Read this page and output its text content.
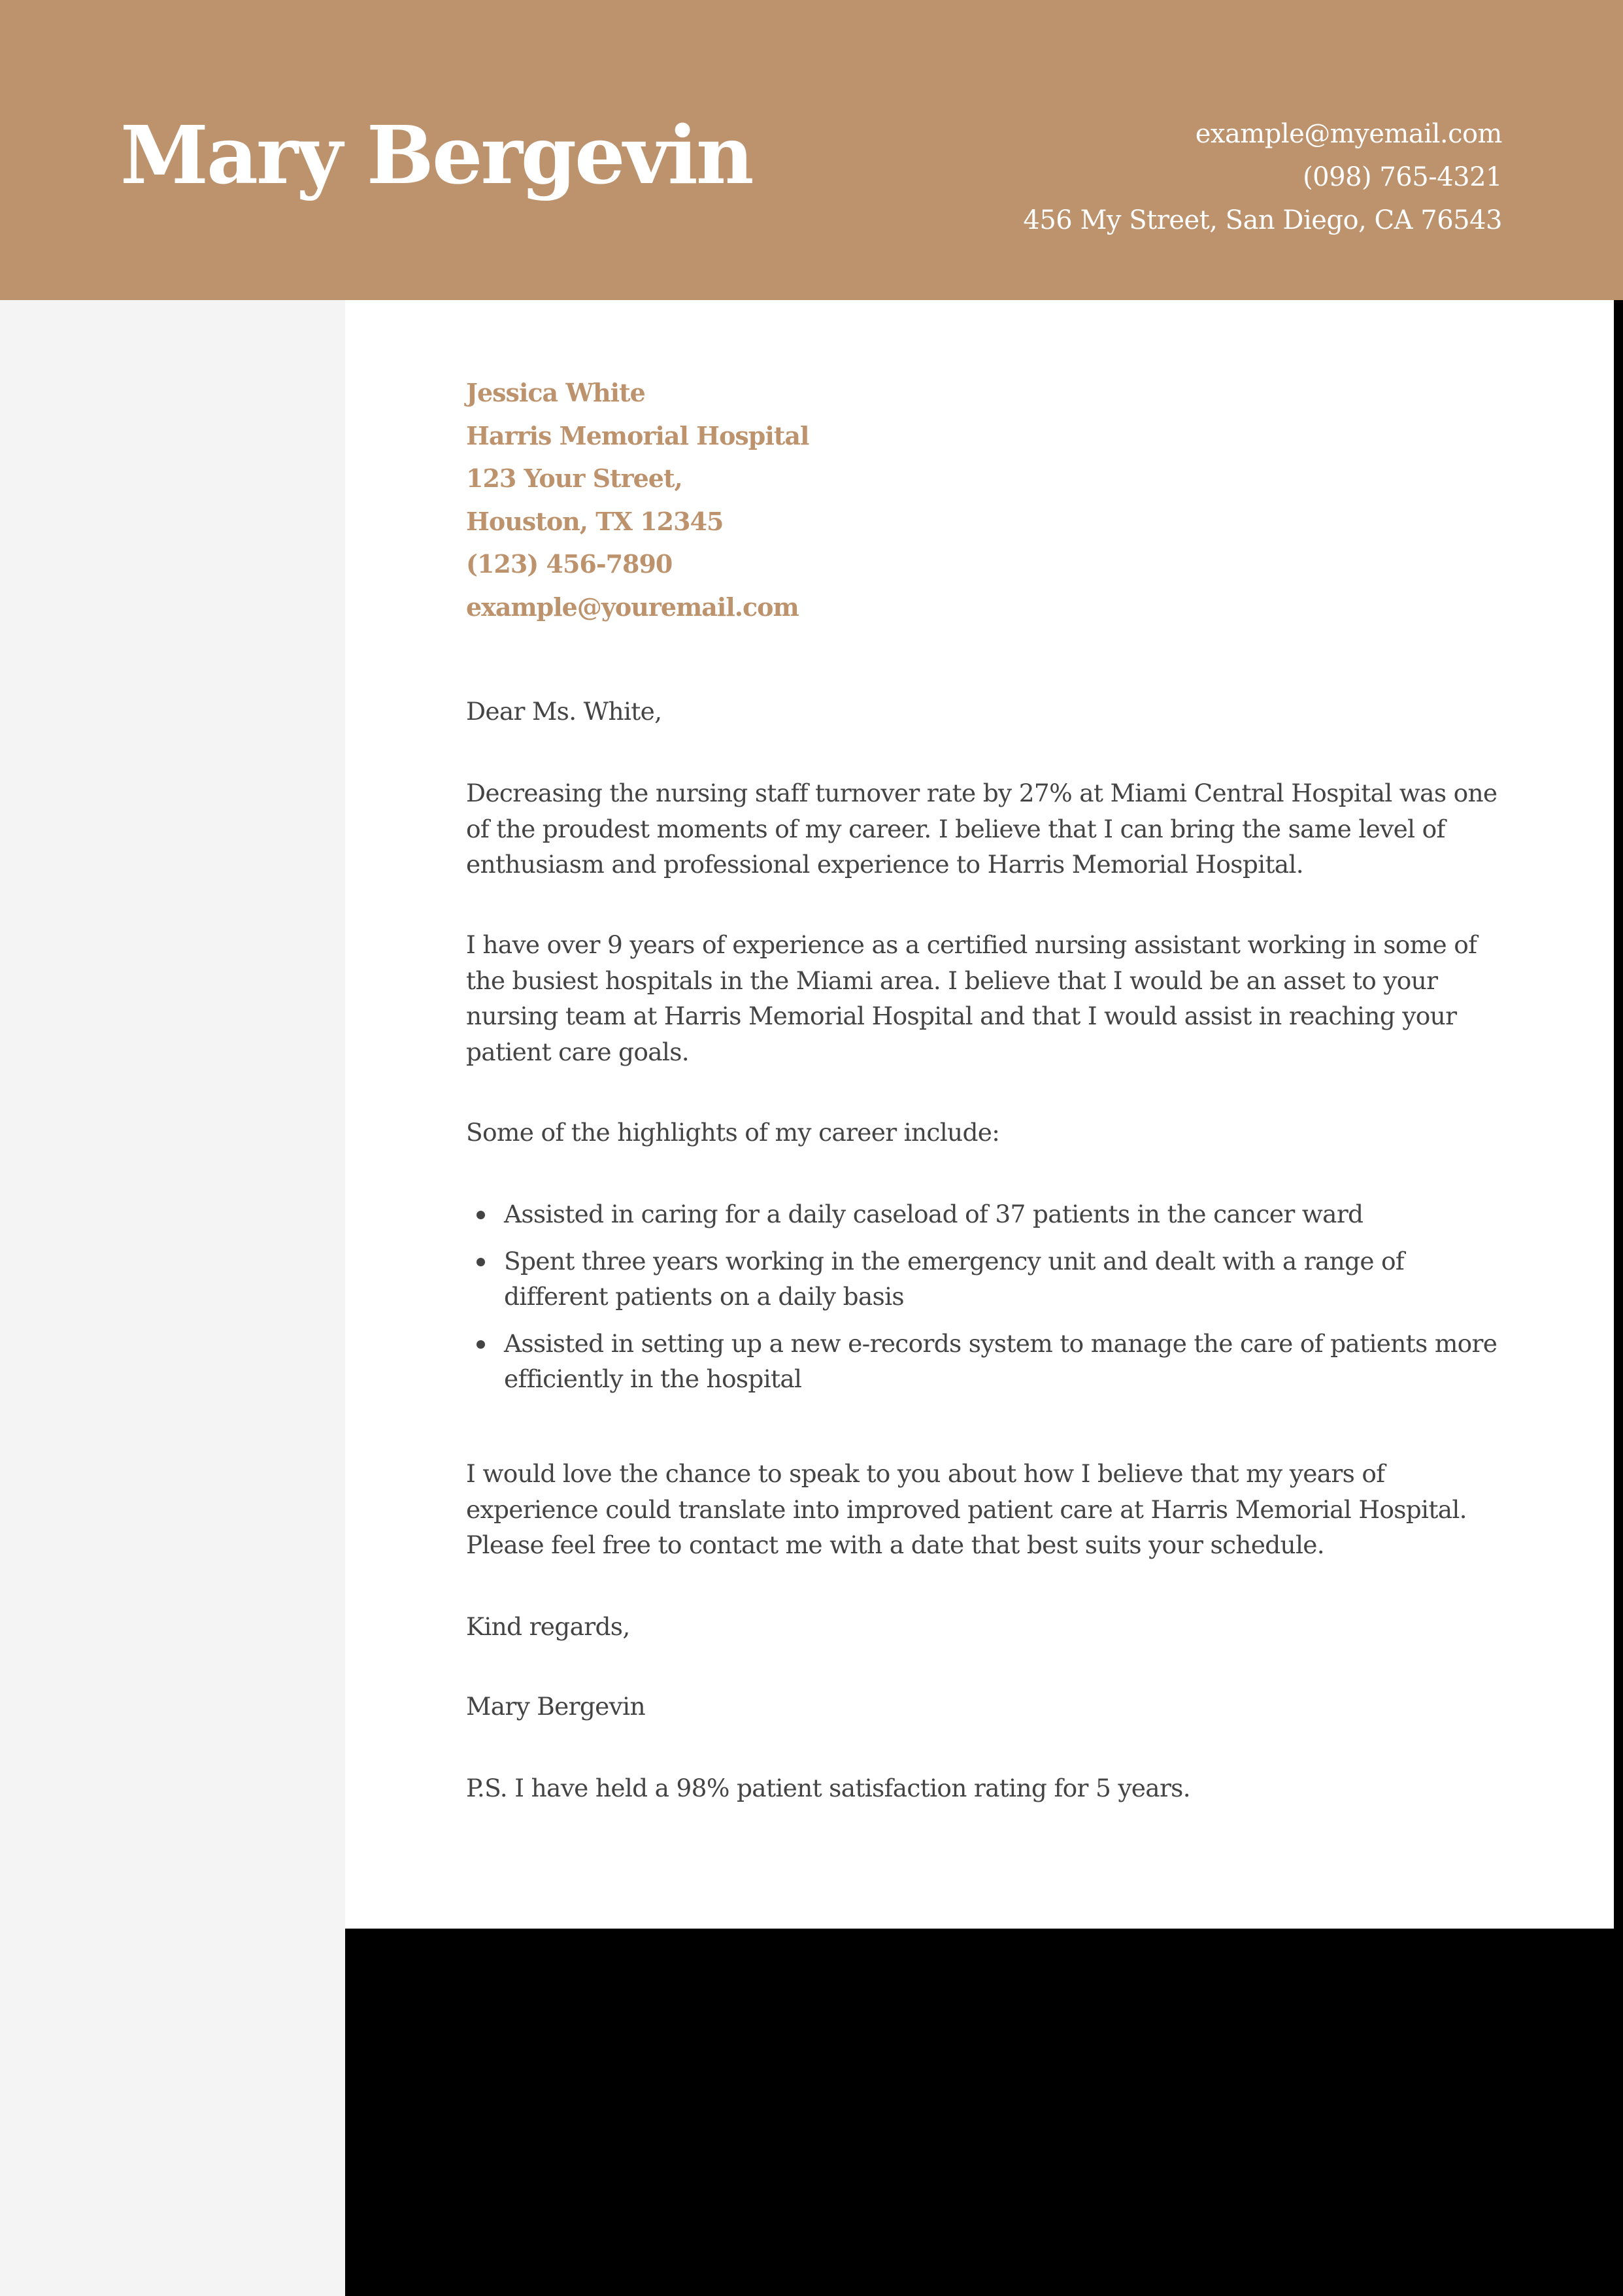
Mary Bergevin	example@myemail.com
(098) 765-4321
456 My Street, San Diego, CA 76543
Jessica White
Harris Memorial Hospital
123 Your Street,
Houston, TX 12345
(123) 456-7890
example@youremail.com

Dear Ms. White,

Decreasing the nursing staff turnover rate by 27% at Miami Central Hospital was one of the proudest moments of my career. I believe that I can bring the same level of enthusiasm and professional experience to Harris Memorial Hospital.

I have over 9 years of experience as a certified nursing assistant working in some of the busiest hospitals in the Miami area. I believe that I would be an asset to your nursing team at Harris Memorial Hospital and that I would assist in reaching your patient care goals.

Some of the highlights of my career include:

Assisted in caring for a daily caseload of 37 patients in the cancer ward
Spent three years working in the emergency unit and dealt with a range of different patients on a daily basis
Assisted in setting up a new e-records system to manage the care of patients more efficiently in the hospital

I would love the chance to speak to you about how I believe that my years of experience could translate into improved patient care at Harris Memorial Hospital. Please feel free to contact me with a date that best suits your schedule.

Kind regards,

Mary Bergevin

P.S. I have held a 98% patient satisfaction rating for 5 years.
